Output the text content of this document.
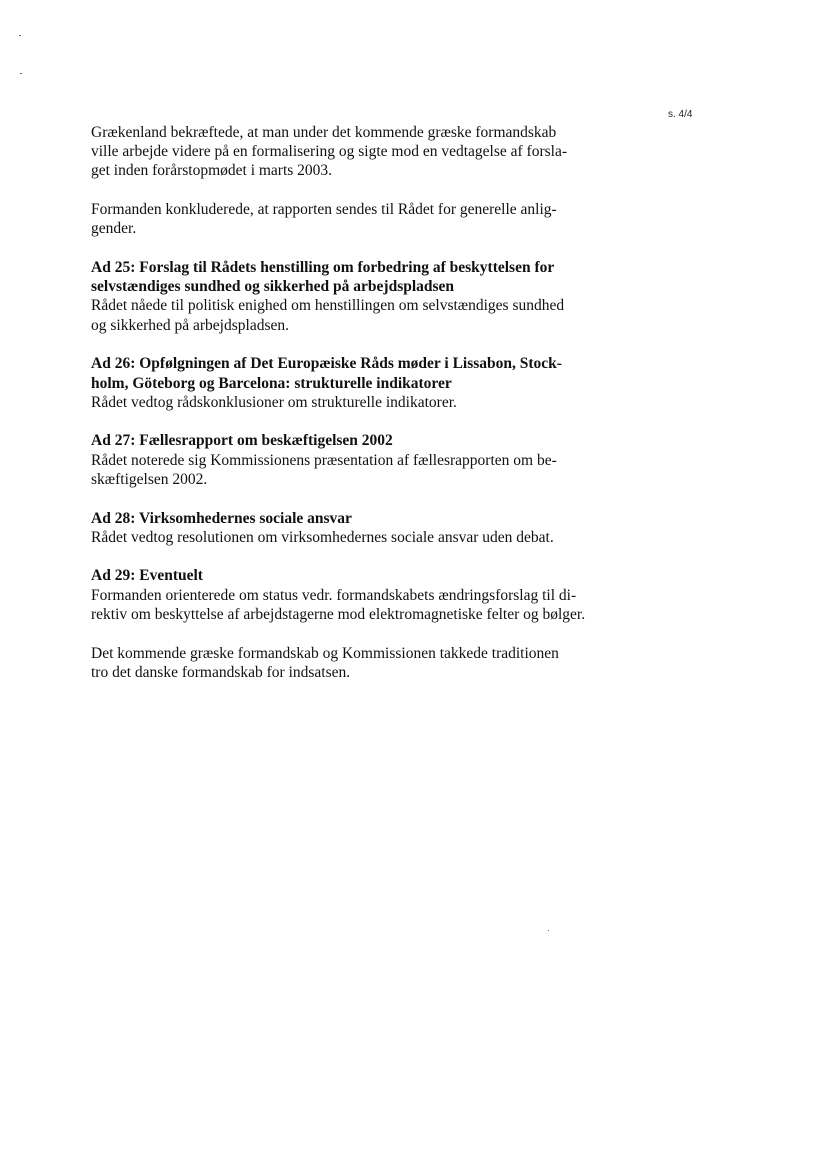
s. 4/4

Grækenland bekræftede, at man under det kommende græske formandskab
ville arbejde videre på en formalisering og sigte mod en vedtagelse af forsla-
get inden forårstopmødet i marts 2003.

Formanden konkluderede, at rapporten sendes til Rådet for generelle anlig-
gender.

Ad 25: Forslag til Rådets henstilling om forbedring af beskyttelsen for
selvstændiges sundhed og sikkerhed på arbejdspladsen
Rådet nåede til politisk enighed om henstillingen om selvstændiges sundhed
og sikkerhed på arbejdspladsen.
Ad 26: Opfølgningen af Det Europæiske Råds møder i Lissabon, Stock-
holm, Göteborg og Barcelona: strukturelle indikatorer
Rådet vedtog rådskonklusioner om strukturelle indikatorer.
Ad 27: Fællesrapport om beskæftigelsen 2002
Rådet noterede sig Kommissionens præsentation af fællesrapporten om be-
skæftigelsen 2002.
Ad 28: Virksomhedernes sociale ansvar
Rådet vedtog resolutionen om virksomhedernes sociale ansvar uden debat.
Ad 29: Eventuelt
Formanden orienterede om status vedr. formandskabets ændringsforslag til di-
rektiv om beskyttelse af arbejdstagerne mod elektromagnetiske felter og bølger.

Det kommende græske formandskab og Kommissionen takkede traditionen
tro det danske formandskab for indsatsen.
